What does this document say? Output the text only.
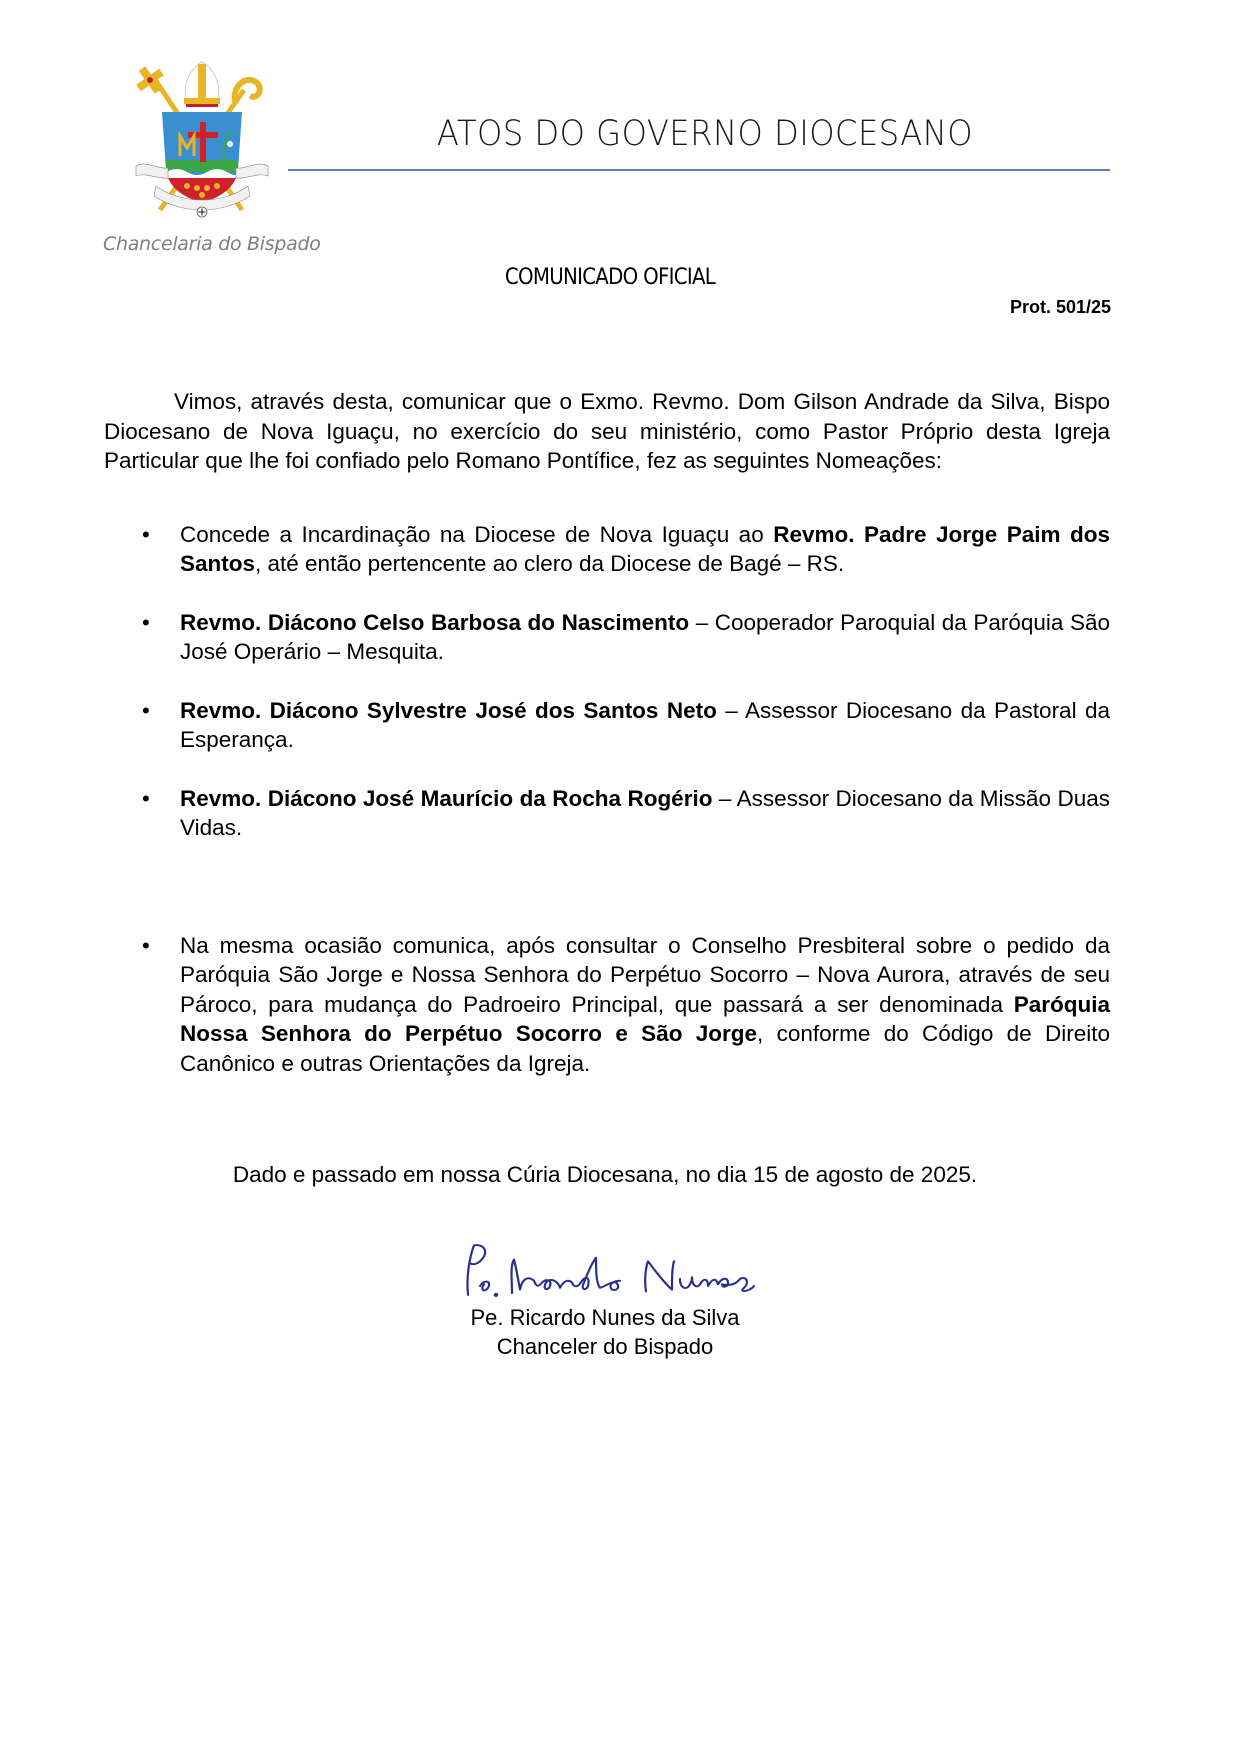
Chancelaria do Bispado
ATOS DO GOVERNO DIOCESANO
COMUNICADO OFICIAL
Prot. 501/25

Vimos, através desta, comunicar que o Exmo. Revmo. Dom Gilson Andrade da Silva, Bispo Diocesano de Nova Iguaçu, no exercício do seu ministério, como Pastor Próprio desta Igreja Particular que lhe foi confiado pelo Romano Pontífice, fez as seguintes Nomeações:

• Concede a Incardinação na Diocese de Nova Iguaçu ao Revmo. Padre Jorge Paim dos Santos, até então pertencente ao clero da Diocese de Bagé – RS.
• Revmo. Diácono Celso Barbosa do Nascimento – Cooperador Paroquial da Paróquia São José Operário – Mesquita.
• Revmo. Diácono Sylvestre José dos Santos Neto – Assessor Diocesano da Pastoral da Esperança.
• Revmo. Diácono José Maurício da Rocha Rogério – Assessor Diocesano da Missão Duas Vidas.
• Na mesma ocasião comunica, após consultar o Conselho Presbiteral sobre o pedido da Paróquia São Jorge e Nossa Senhora do Perpétuo Socorro – Nova Aurora, através de seu Pároco, para mudança do Padroeiro Principal, que passará a ser denominada Paróquia Nossa Senhora do Perpétuo Socorro e São Jorge, conforme do Código de Direito Canônico e outras Orientações da Igreja.
Dado e passado em nossa Cúria Diocesana, no dia 15 de agosto de 2025.
Pe. Ricardo Nunes da Silva
Chanceler do Bispado
